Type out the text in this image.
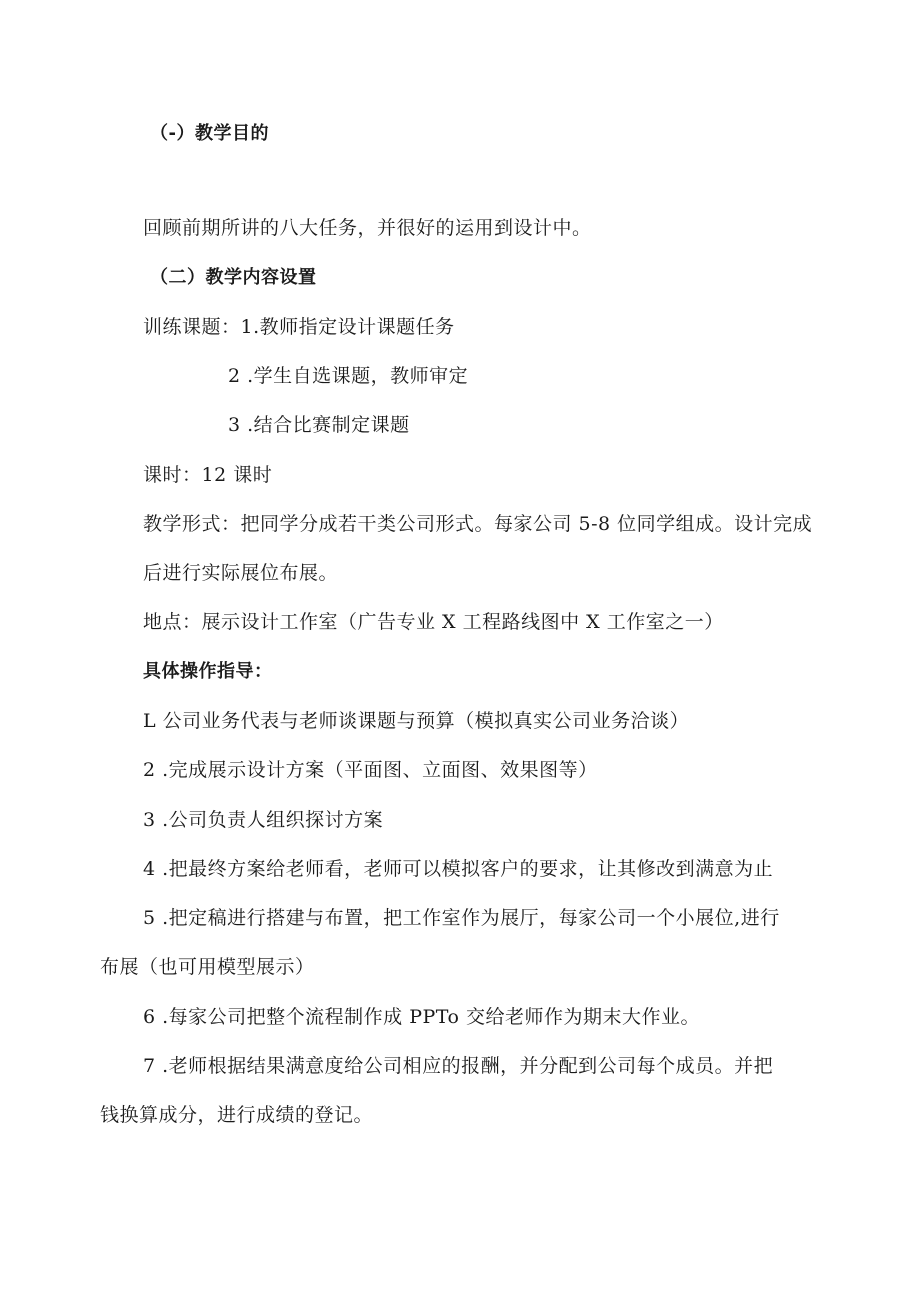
（-）教学目的
回顾前期所讲的八大任务，并很好的运用到设计中。
（二）教学内容设置
训练课题：1.教师指定设计课题任务
2 .学生自选课题，教师审定
3 .结合比赛制定课题
课时：12 课时
教学形式：把同学分成若干类公司形式。每家公司 5-8 位同学组成。设计完成
后进行实际展位布展。
地点：展示设计工作室（广告专业 X 工程路线图中 X 工作室之一）
具体操作指导：
L 公司业务代表与老师谈课题与预算（模拟真实公司业务洽谈）
2 .完成展示设计方案（平面图、立面图、效果图等）
3 .公司负责人组织探讨方案
4 .把最终方案给老师看，老师可以模拟客户的要求，让其修改到满意为止
5 .把定稿进行搭建与布置，把工作室作为展厅，每家公司一个小展位,进行
布展（也可用模型展示）
6 .每家公司把整个流程制作成 PPTo 交给老师作为期末大作业。
7 .老师根据结果满意度给公司相应的报酬，并分配到公司每个成员。并把
钱换算成分，进行成绩的登记。
